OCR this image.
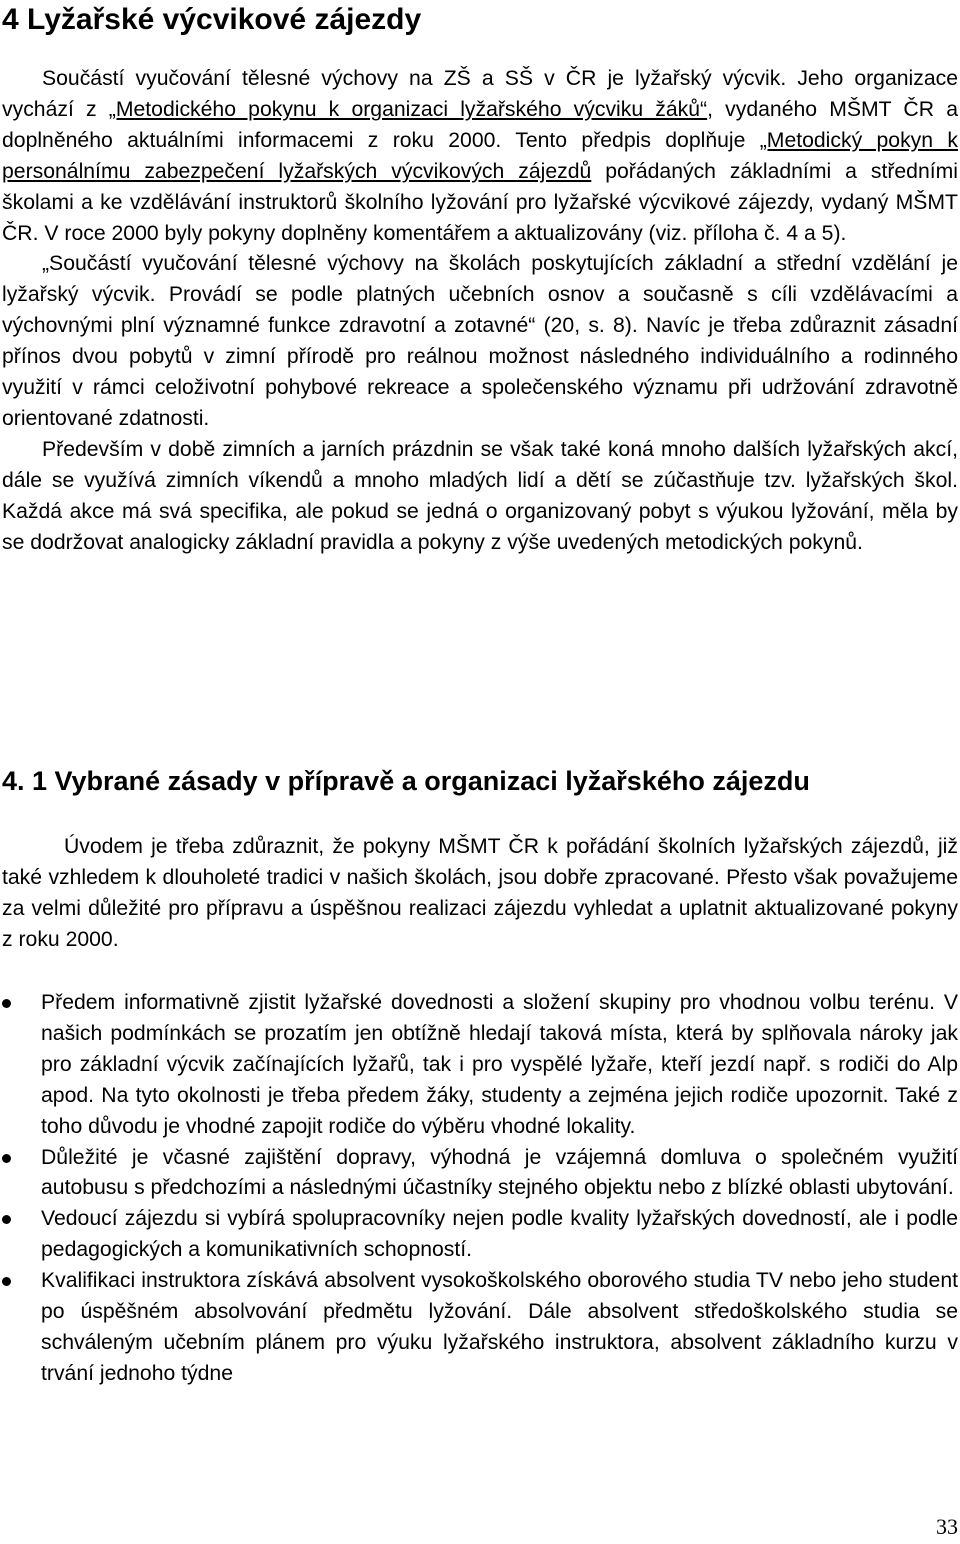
4 Lyžařské výcvikové zájezdy

Součástí vyučování tělesné výchovy na ZŠ a SŠ v ČR je lyžařský výcvik. Jeho organizace vychází z „Metodického pokynu k organizaci lyžařského výcviku žáků“, vydaného MŠMT ČR a doplněného aktuálními informacemi z roku 2000. Tento předpis doplňuje „Metodický pokyn k personálnímu zabezpečení lyžařských výcvikových zájezdů pořádaných základními a středními školami a ke vzdělávání instruktorů školního lyžování pro lyžařské výcvikové zájezdy, vydaný MŠMT ČR. V roce 2000 byly pokyny doplněny komentářem a aktualizovány (viz. příloha č. 4 a 5).

„Součástí vyučování tělesné výchovy na školách poskytujících základní a střední vzdělání je lyžařský výcvik. Provádí se podle platných učebních osnov a současně s cíli vzdělávacími a výchovnými plní významné funkce zdravotní a zotavné“ (20, s. 8). Navíc je třeba zdůraznit zásadní přínos dvou pobytů v zimní přírodě pro reálnou možnost následného individuálního a rodinného využití v rámci celoživotní pohybové rekreace a společenského významu při udržování zdravotně orientované zdatnosti.

Především v době zimních a jarních prázdnin se však také koná mnoho dalších lyžařských akcí, dále se využívá zimních víkendů a mnoho mladých lidí a dětí se zúčastňuje tzv. lyžařských škol. Každá akce má svá specifika, ale pokud se jedná o organizovaný pobyt s výukou lyžování, měla by se dodržovat analogicky základní pravidla a pokyny z výše uvedených metodických pokynů.

4. 1 Vybrané zásady v přípravě a organizaci lyžařského zájezdu

Úvodem je třeba zdůraznit, že pokyny MŠMT ČR k pořádání školních lyžařských zájezdů, již také vzhledem k dlouholeté tradici v našich školách, jsou dobře zpracované. Přesto však považujeme za velmi důležité pro přípravu a úspěšnou realizaci zájezdu vyhledat a uplatnit aktualizované pokyny z roku 2000.

Předem informativně zjistit lyžařské dovednosti a složení skupiny pro vhodnou volbu terénu. V našich podmínkách se prozatím jen obtížně hledají taková místa, která by splňovala nároky jak pro základní výcvik začínajících lyžařů, tak i pro vyspělé lyžaře, kteří jezdí např. s rodiči do Alp apod. Na tyto okolnosti je třeba předem žáky, studenty a zejména jejich rodiče upozornit. Také z toho důvodu je vhodné zapojit rodiče do výběru vhodné lokality.
Důležité je včasné zajištění dopravy, výhodná je vzájemná domluva o společném využití autobusu s předchozími a následnými účastníky stejného objektu nebo z blízké oblasti ubytování.
Vedoucí zájezdu si vybírá spolupracovníky nejen podle kvality lyžařských dovedností, ale i podle pedagogických a komunikativních schopností.
Kvalifikaci instruktora získává absolvent vysokoškolského oborového studia TV nebo jeho student po úspěšném absolvování předmětu lyžování. Dále absolvent středoškolského studia se schváleným učebním plánem pro výuku lyžařského instruktora, absolvent základního kurzu v trvání jednoho týdne
33
